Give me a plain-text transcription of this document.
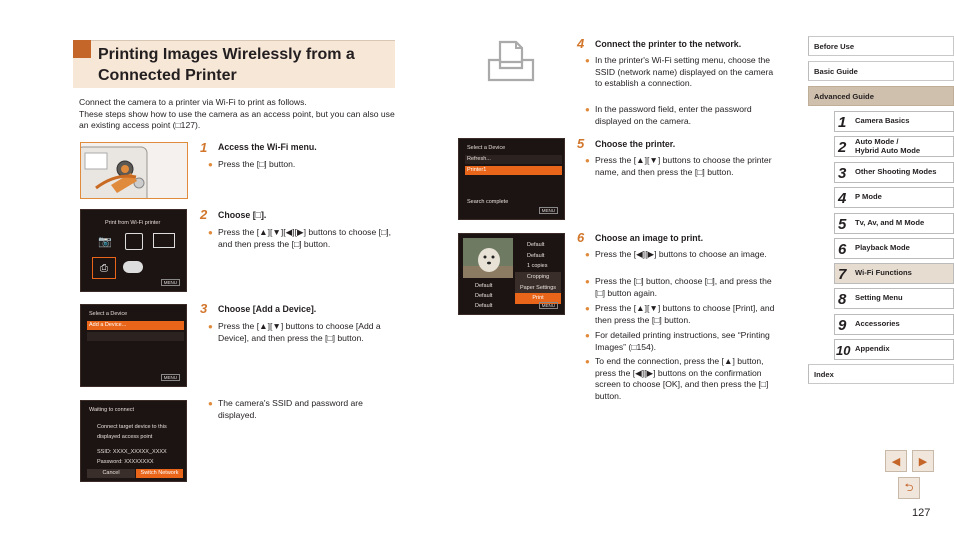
Printing Images Wirelessly from a Connected Printer
Connect the camera to a printer via Wi-Fi to print as follows.
These steps show how to use the camera as an access point, but you can also use an existing access point (□127).
1 Access the Wi-Fi menu.
● Press the [□] button.
Print from Wi-Fi printer
📷
⎙
MENU
2 Choose [□].
● Press the [▲][▼][◀][▶] buttons to choose [□], and then press the [□] button.
Select a Device
Add a Device...
MENU
3 Choose [Add a Device].
● Press the [▲][▼] buttons to choose [Add a Device], and then press the [□] button.
Waiting to connect
Connect target device to this
displayed access point
SSID: XXXX_XXXXX_XXXX
Password: XXXXXXXX
Cancel	Switch Network
● The camera's SSID and password are displayed.
Select a Device
Refresh...
Printer1
Search complete
MENU
Default
Default
Default
Default
Default
1 copies
Cropping
Paper Settings
Print
MENU
4 Connect the printer to the network.
● In the printer's Wi-Fi setting menu, choose the SSID (network name) displayed on the camera to establish a connection.
● In the password field, enter the password displayed on the camera.
5 Choose the printer.
● Press the [▲][▼] buttons to choose the printer name, and then press the [□] button.
6 Choose an image to print.
● Press the [◀][▶] buttons to choose an image.
● Press the [□] button, choose [□], and press the [□] button again.
● Press the [▲][▼] buttons to choose [Print], and then press the [□] button.
● For detailed printing instructions, see “Printing Images” (□154).
● To end the connection, press the [▲] button, press the [◀][▶] buttons on the confirmation screen to choose [OK], and then press the [□] button.
Before Use
Basic Guide
Advanced Guide
1 Camera Basics
2 Auto Mode /
Hybrid Auto Mode
3 Other Shooting Modes
4 P Mode
5 Tv, Av, and M Mode
6 Playback Mode
7 Wi-Fi Functions
8 Setting Menu
9 Accessories
10 Appendix
Index
◀ ▶
⮌
127
